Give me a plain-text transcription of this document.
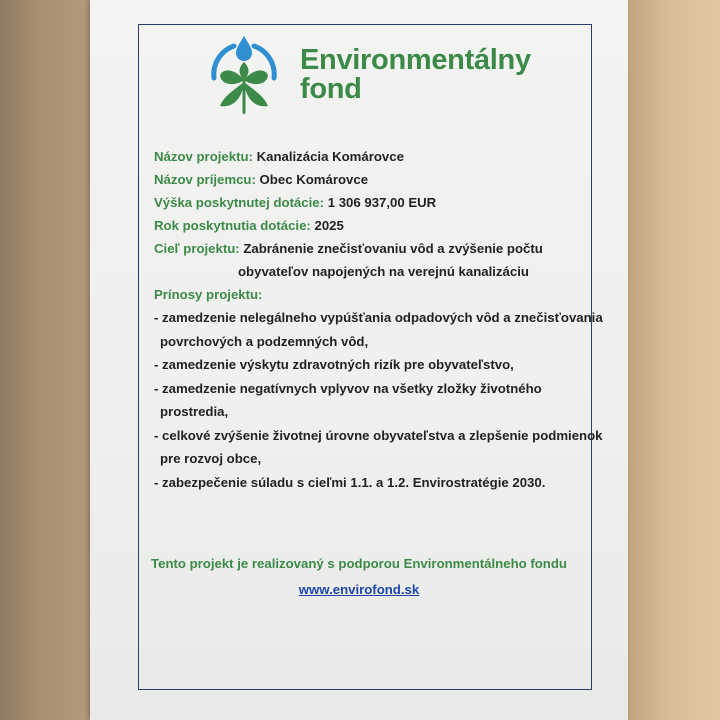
Environmentálny
fond
Názov projektu: Kanalizácia Komárovce
Názov príjemcu: Obec Komárovce
Výška poskytnutej dotácie: 1 306 937,00 EUR
Rok poskytnutia dotácie: 2025
Cieľ projektu: Zabránenie znečisťovaniu vôd a zvýšenie počtu
obyvateľov napojených na verejnú kanalizáciu
Prínosy projektu:
- zamedzenie nelegálneho vypúšťania odpadových vôd a znečisťovania
povrchových a podzemných vôd,
- zamedzenie výskytu zdravotných rizík pre obyvateľstvo,
- zamedzenie negatívnych vplyvov na všetky zložky životného
prostredia,
- celkové zvýšenie životnej úrovne obyvateľstva a zlepšenie podmienok
pre rozvoj obce,
- zabezpečenie súladu s cieľmi 1.1. a 1.2. Envirostratégie 2030.
Tento projekt je realizovaný s podporou Environmentálneho fondu
www.envirofond.sk
